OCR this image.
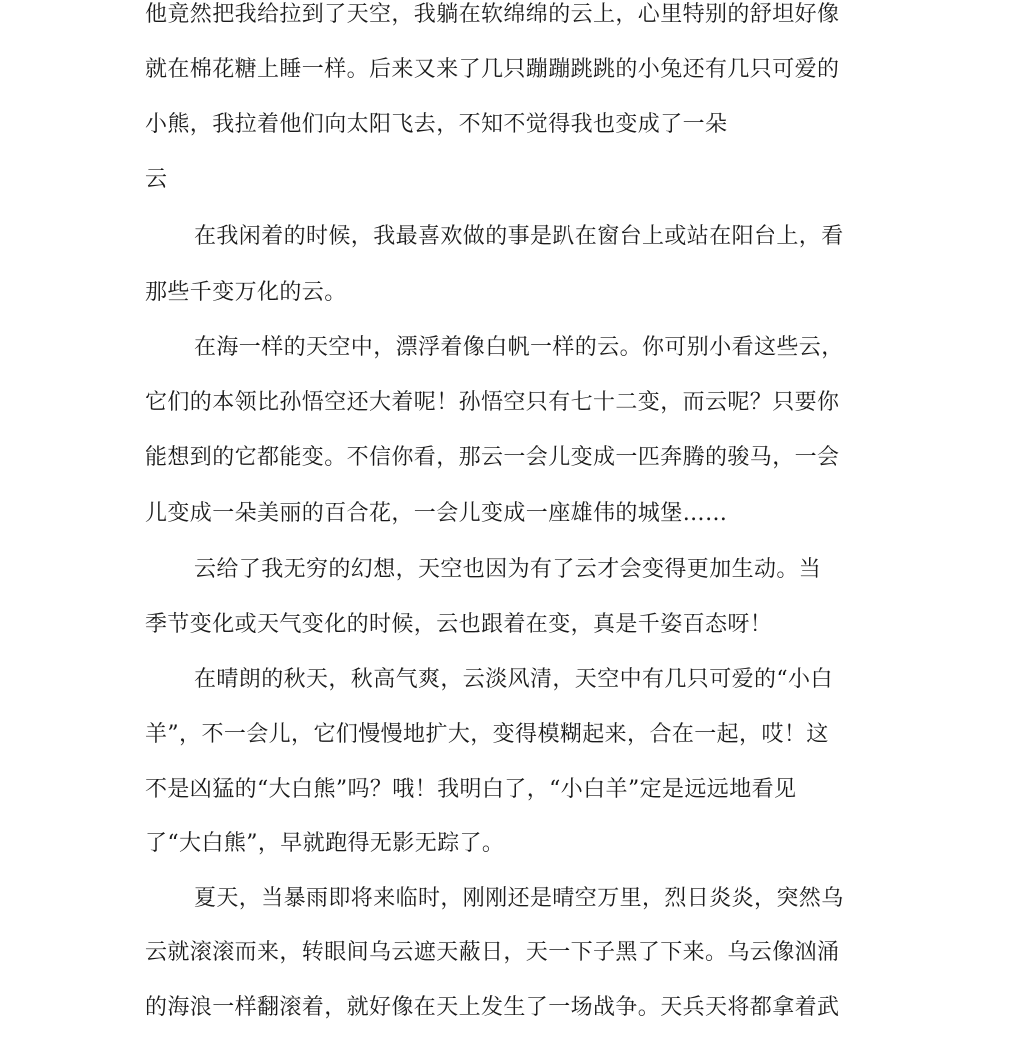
他竟然把我给拉到了天空，我躺在软绵绵的云上，心里特别的舒坦好像
就在棉花糖上睡一样。后来又来了几只蹦蹦跳跳的小兔还有几只可爱的
小熊，我拉着他们向太阳飞去，不知不觉得我也变成了一朵
云
在我闲着的时候，我最喜欢做的事是趴在窗台上或站在阳台上，看
那些千变万化的云。
在海一样的天空中，漂浮着像白帆一样的云。你可别小看这些云，
它们的本领比孙悟空还大着呢！孙悟空只有七十二变，而云呢？只要你
能想到的它都能变。不信你看，那云一会儿变成一匹奔腾的骏马，一会
儿变成一朵美丽的百合花，一会儿变成一座雄伟的城堡……
云给了我无穷的幻想，天空也因为有了云才会变得更加生动。当
季节变化或天气变化的时候，云也跟着在变，真是千姿百态呀！
在晴朗的秋天，秋高气爽，云淡风清，天空中有几只可爱的“小白
羊”，不一会儿，它们慢慢地扩大，变得模糊起来，合在一起，哎！这
不是凶猛的“大白熊”吗？哦！我明白了，“小白羊”定是远远地看见
了“大白熊”，早就跑得无影无踪了。
夏天，当暴雨即将来临时，刚刚还是晴空万里，烈日炎炎，突然乌
云就滚滚而来，转眼间乌云遮天蔽日，天一下子黑了下来。乌云像汹涌
的海浪一样翻滚着，就好像在天上发生了一场战争。天兵天将都拿着武
